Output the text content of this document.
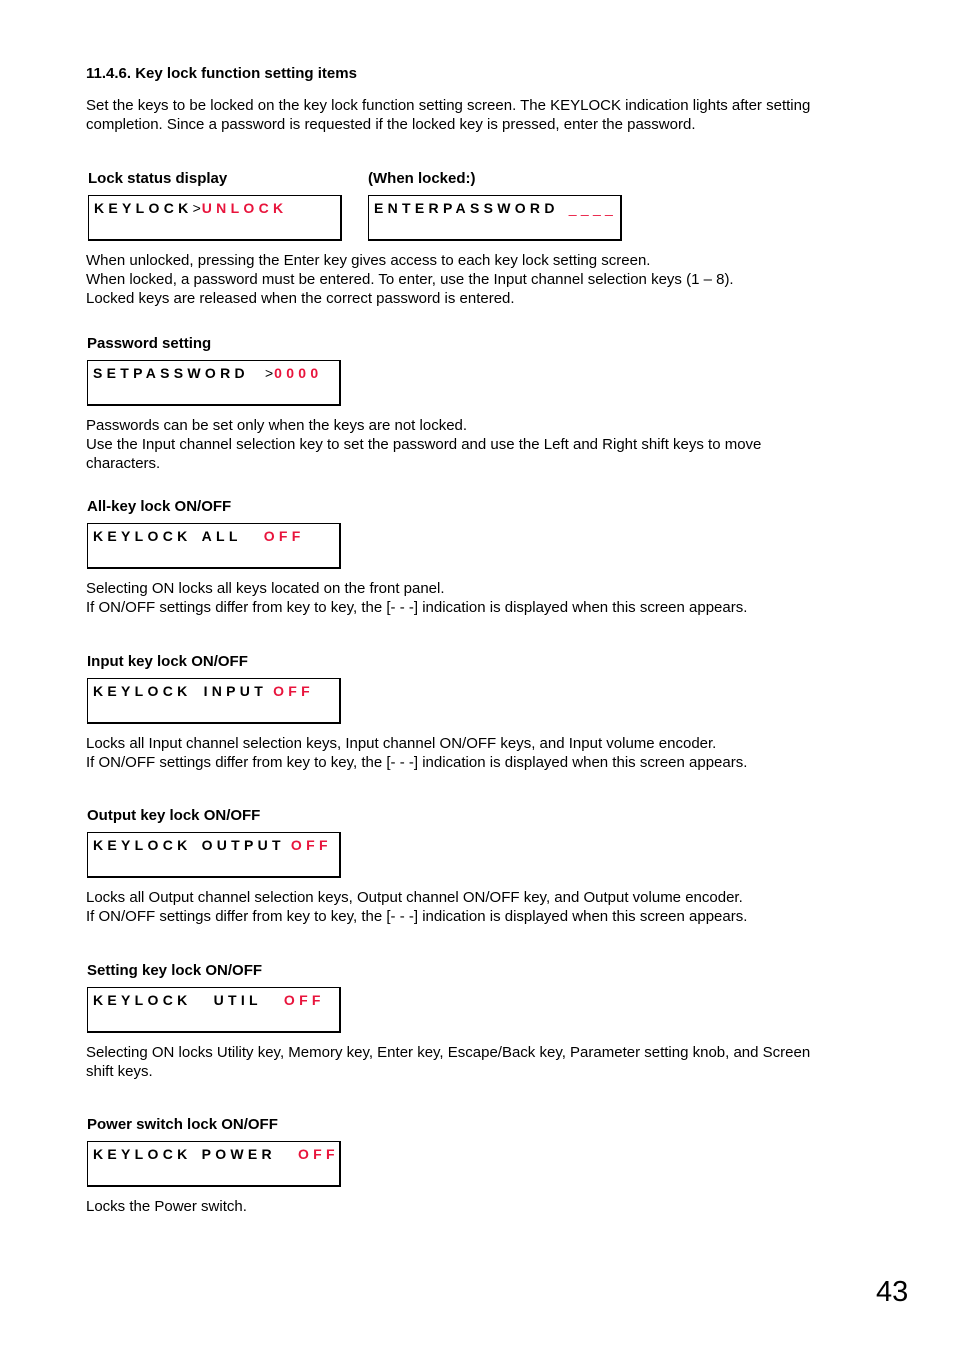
11.4.6. Key lock function setting items
Set the keys to be locked on the key lock function setting screen. The KEYLOCK indication lights after setting
completion. Since a password is requested if the locked key is pressed, enter the password.
Lock status display
KEYLOCK>UNLOCK
(When locked:)
ENTERPASSWORD ____
When unlocked, pressing the Enter key gives access to each key lock setting screen.
When locked, a password must be entered. To enter, use the Input channel selection keys (1 – 8).
Locked keys are released when the correct password is entered.
Password setting
SETPASSWORD >0000
Passwords can be set only when the keys are not locked.
Use the Input channel selection key to set the password and use the Left and Right shift keys to move
characters.
All-key lock ON/OFF
KEYLOCK ALL OFF
Selecting ON locks all keys located on the front panel.
If ON/OFF settings differ from key to key, the [- - -] indication is displayed when this screen appears.
Input key lock ON/OFF
KEYLOCK INPUT OFF
Locks all Input channel selection keys, Input channel ON/OFF keys, and Input volume encoder.
If ON/OFF settings differ from key to key, the [- - -] indication is displayed when this screen appears.
Output key lock ON/OFF
KEYLOCK OUTPUT OFF
Locks all Output channel selection keys, Output channel ON/OFF key, and Output volume encoder.
If ON/OFF settings differ from key to key, the [- - -] indication is displayed when this screen appears.
Setting key lock ON/OFF
KEYLOCK UTIL OFF
Selecting ON locks Utility key, Memory key, Enter key, Escape/Back key, Parameter setting knob, and Screen
shift keys.
Power switch lock ON/OFF
KEYLOCK POWER OFF
Locks the Power switch.
43
